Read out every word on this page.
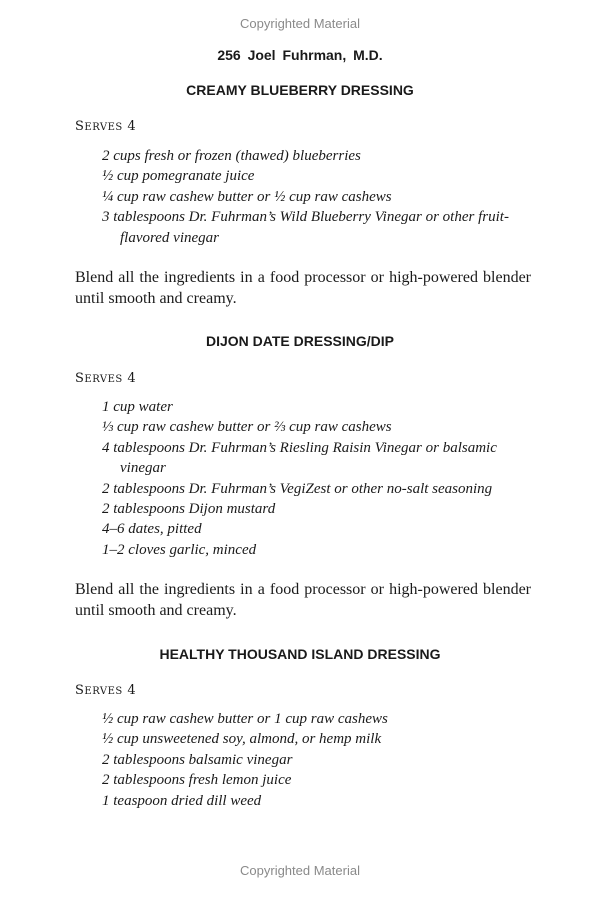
Copyrighted Material
256 Joel Fuhrman, M.D.
CREAMY BLUEBERRY DRESSING
SERVES 4
2 cups fresh or frozen (thawed) blueberries
½ cup pomegranate juice
¼ cup raw cashew butter or ½ cup raw cashews
3 tablespoons Dr. Fuhrman’s Wild Blueberry Vinegar or other fruit-flavored vinegar

Blend all the ingredients in a food processor or high-powered blender until smooth and creamy.

DIJON DATE DRESSING/DIP
SERVES 4
1 cup water
⅓ cup raw cashew butter or ⅔ cup raw cashews
4 tablespoons Dr. Fuhrman’s Riesling Raisin Vinegar or balsamic vinegar
2 tablespoons Dr. Fuhrman’s VegiZest or other no-salt seasoning
2 tablespoons Dijon mustard
4–6 dates, pitted
1–2 cloves garlic, minced

Blend all the ingredients in a food processor or high-powered blender until smooth and creamy.

HEALTHY THOUSAND ISLAND DRESSING
SERVES 4
½ cup raw cashew butter or 1 cup raw cashews
½ cup unsweetened soy, almond, or hemp milk
2 tablespoons balsamic vinegar
2 tablespoons fresh lemon juice
1 teaspoon dried dill weed
Copyrighted Material
